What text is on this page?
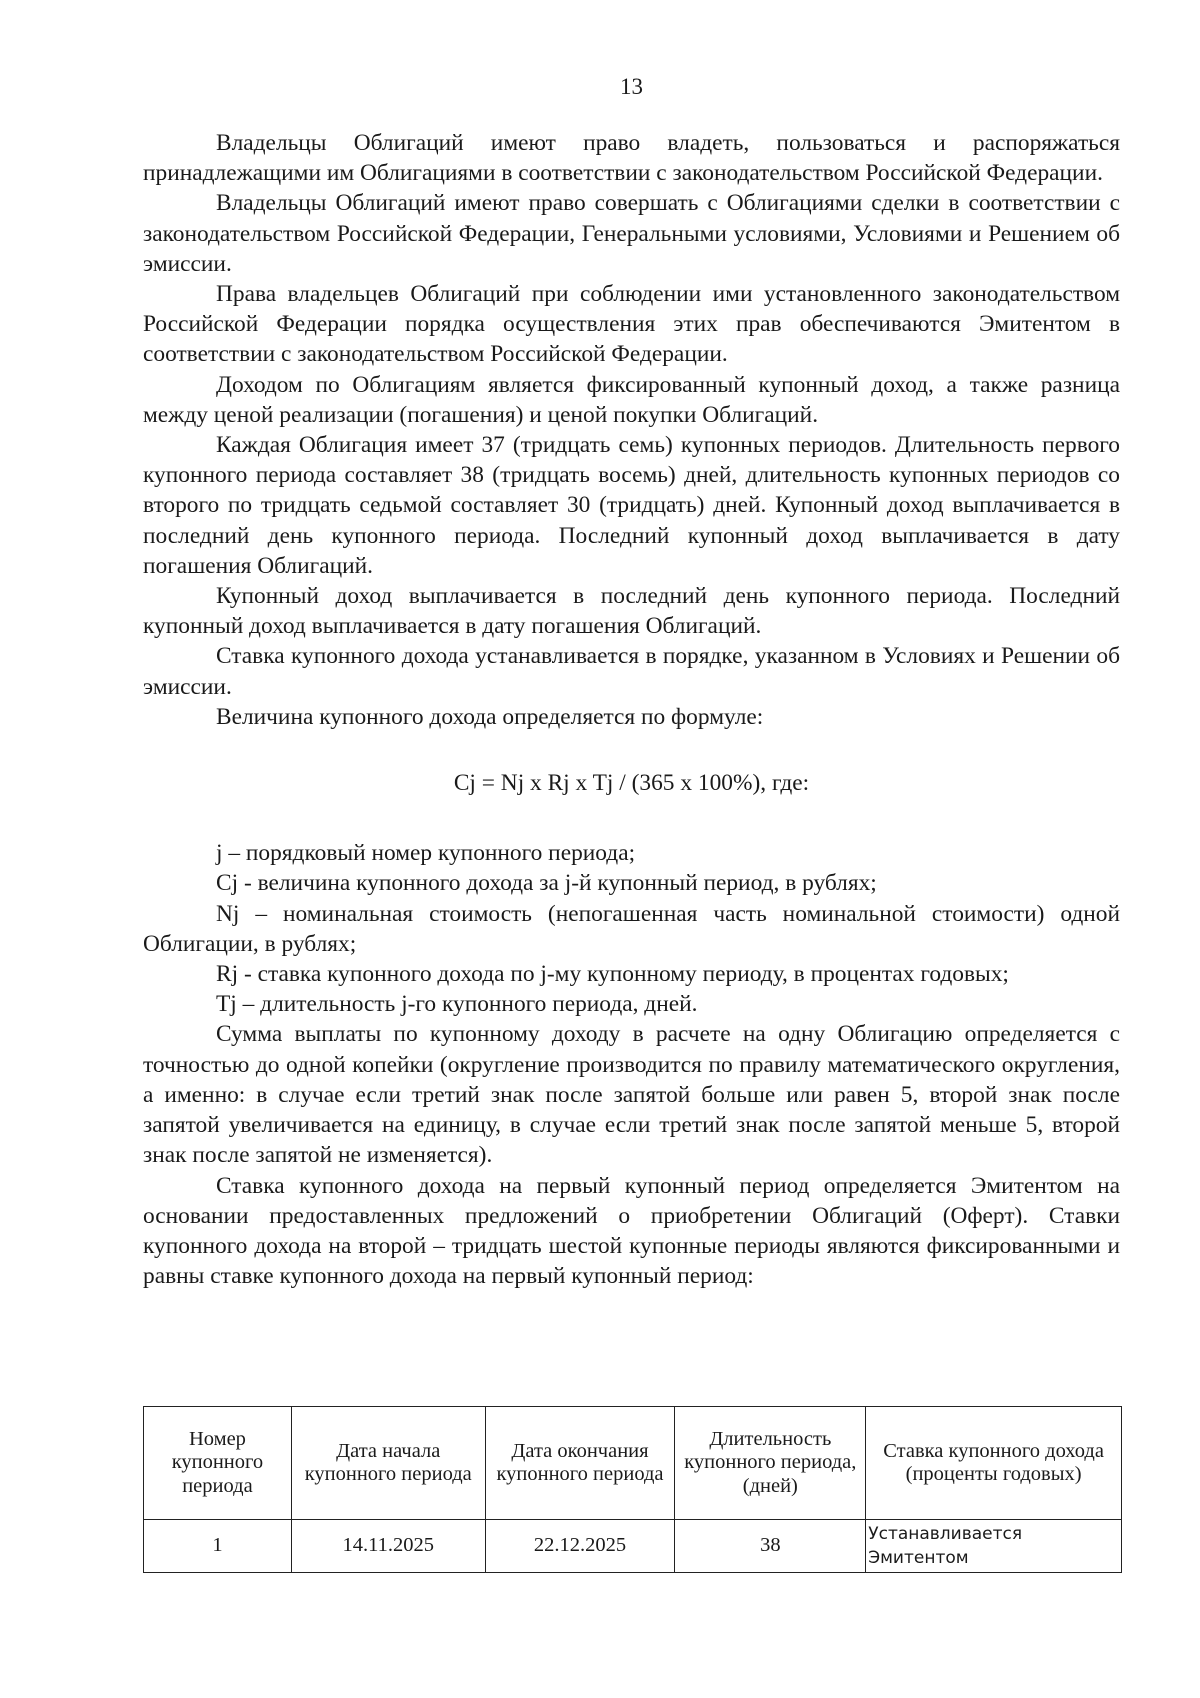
13

Владельцы Облигаций имеют право владеть, пользоваться и распоряжаться принадлежащими им Облигациями в соответствии с законодательством Российской Федерации.

Владельцы Облигаций имеют право совершать с Облигациями сделки в соответствии с законодательством Российской Федерации, Генеральными условиями, Условиями и Решением об эмиссии.

Права владельцев Облигаций при соблюдении ими установленного законодательством Российской Федерации порядка осуществления этих прав обеспечиваются Эмитентом в соответствии с законодательством Российской Федерации.

Доходом по Облигациям является фиксированный купонный доход, а также разница между ценой реализации (погашения) и ценой покупки Облигаций.

Каждая Облигация имеет 37 (тридцать семь) купонных периодов. Длительность первого купонного периода составляет 38 (тридцать восемь) дней, длительность купонных периодов со второго по тридцать седьмой составляет 30 (тридцать) дней. Купонный доход выплачивается в последний день купонного периода. Последний купонный доход выплачивается в дату погашения Облигаций.

Купонный доход выплачивается в последний день купонного периода. Последний купонный доход выплачивается в дату погашения Облигаций.

Ставка купонного дохода устанавливается в порядке, указанном в Условиях и Решении об эмиссии.

Величина купонного дохода определяется по формуле:

Cj = Nj x Rj x Tj / (365 x 100%), где:

j – порядковый номер купонного периода;

Cj - величина купонного дохода за j-й купонный период, в рублях;

Nj – номинальная стоимость (непогашенная часть номинальной стоимости) одной Облигации, в рублях;

Rj - ставка купонного дохода по j-му купонному периоду, в процентах годовых;

Tj – длительность j-го купонного периода, дней.

Сумма выплаты по купонному доходу в расчете на одну Облигацию определяется с точностью до одной копейки (округление производится по правилу математического округления, а именно: в случае если третий знак после запятой больше или равен 5, второй знак после запятой увеличивается на единицу, в случае если третий знак после запятой меньше 5, второй знак после запятой не изменяется).

Ставка купонного дохода на первый купонный период определяется Эмитентом на основании предоставленных предложений о приобретении Облигаций (Оферт). Ставки купонного дохода на второй – тридцать шестой купонные периоды являются фиксированными и равны ставке купонного дохода на первый купонный период:

Номер купонного периода	Дата начала купонного периода	Дата окончания купонного периода	Длительность купонного периода, (дней)	Ставка купонного дохода (проценты годовых)
1	14.11.2025	22.12.2025	38	Устанавливается Эмитентом
